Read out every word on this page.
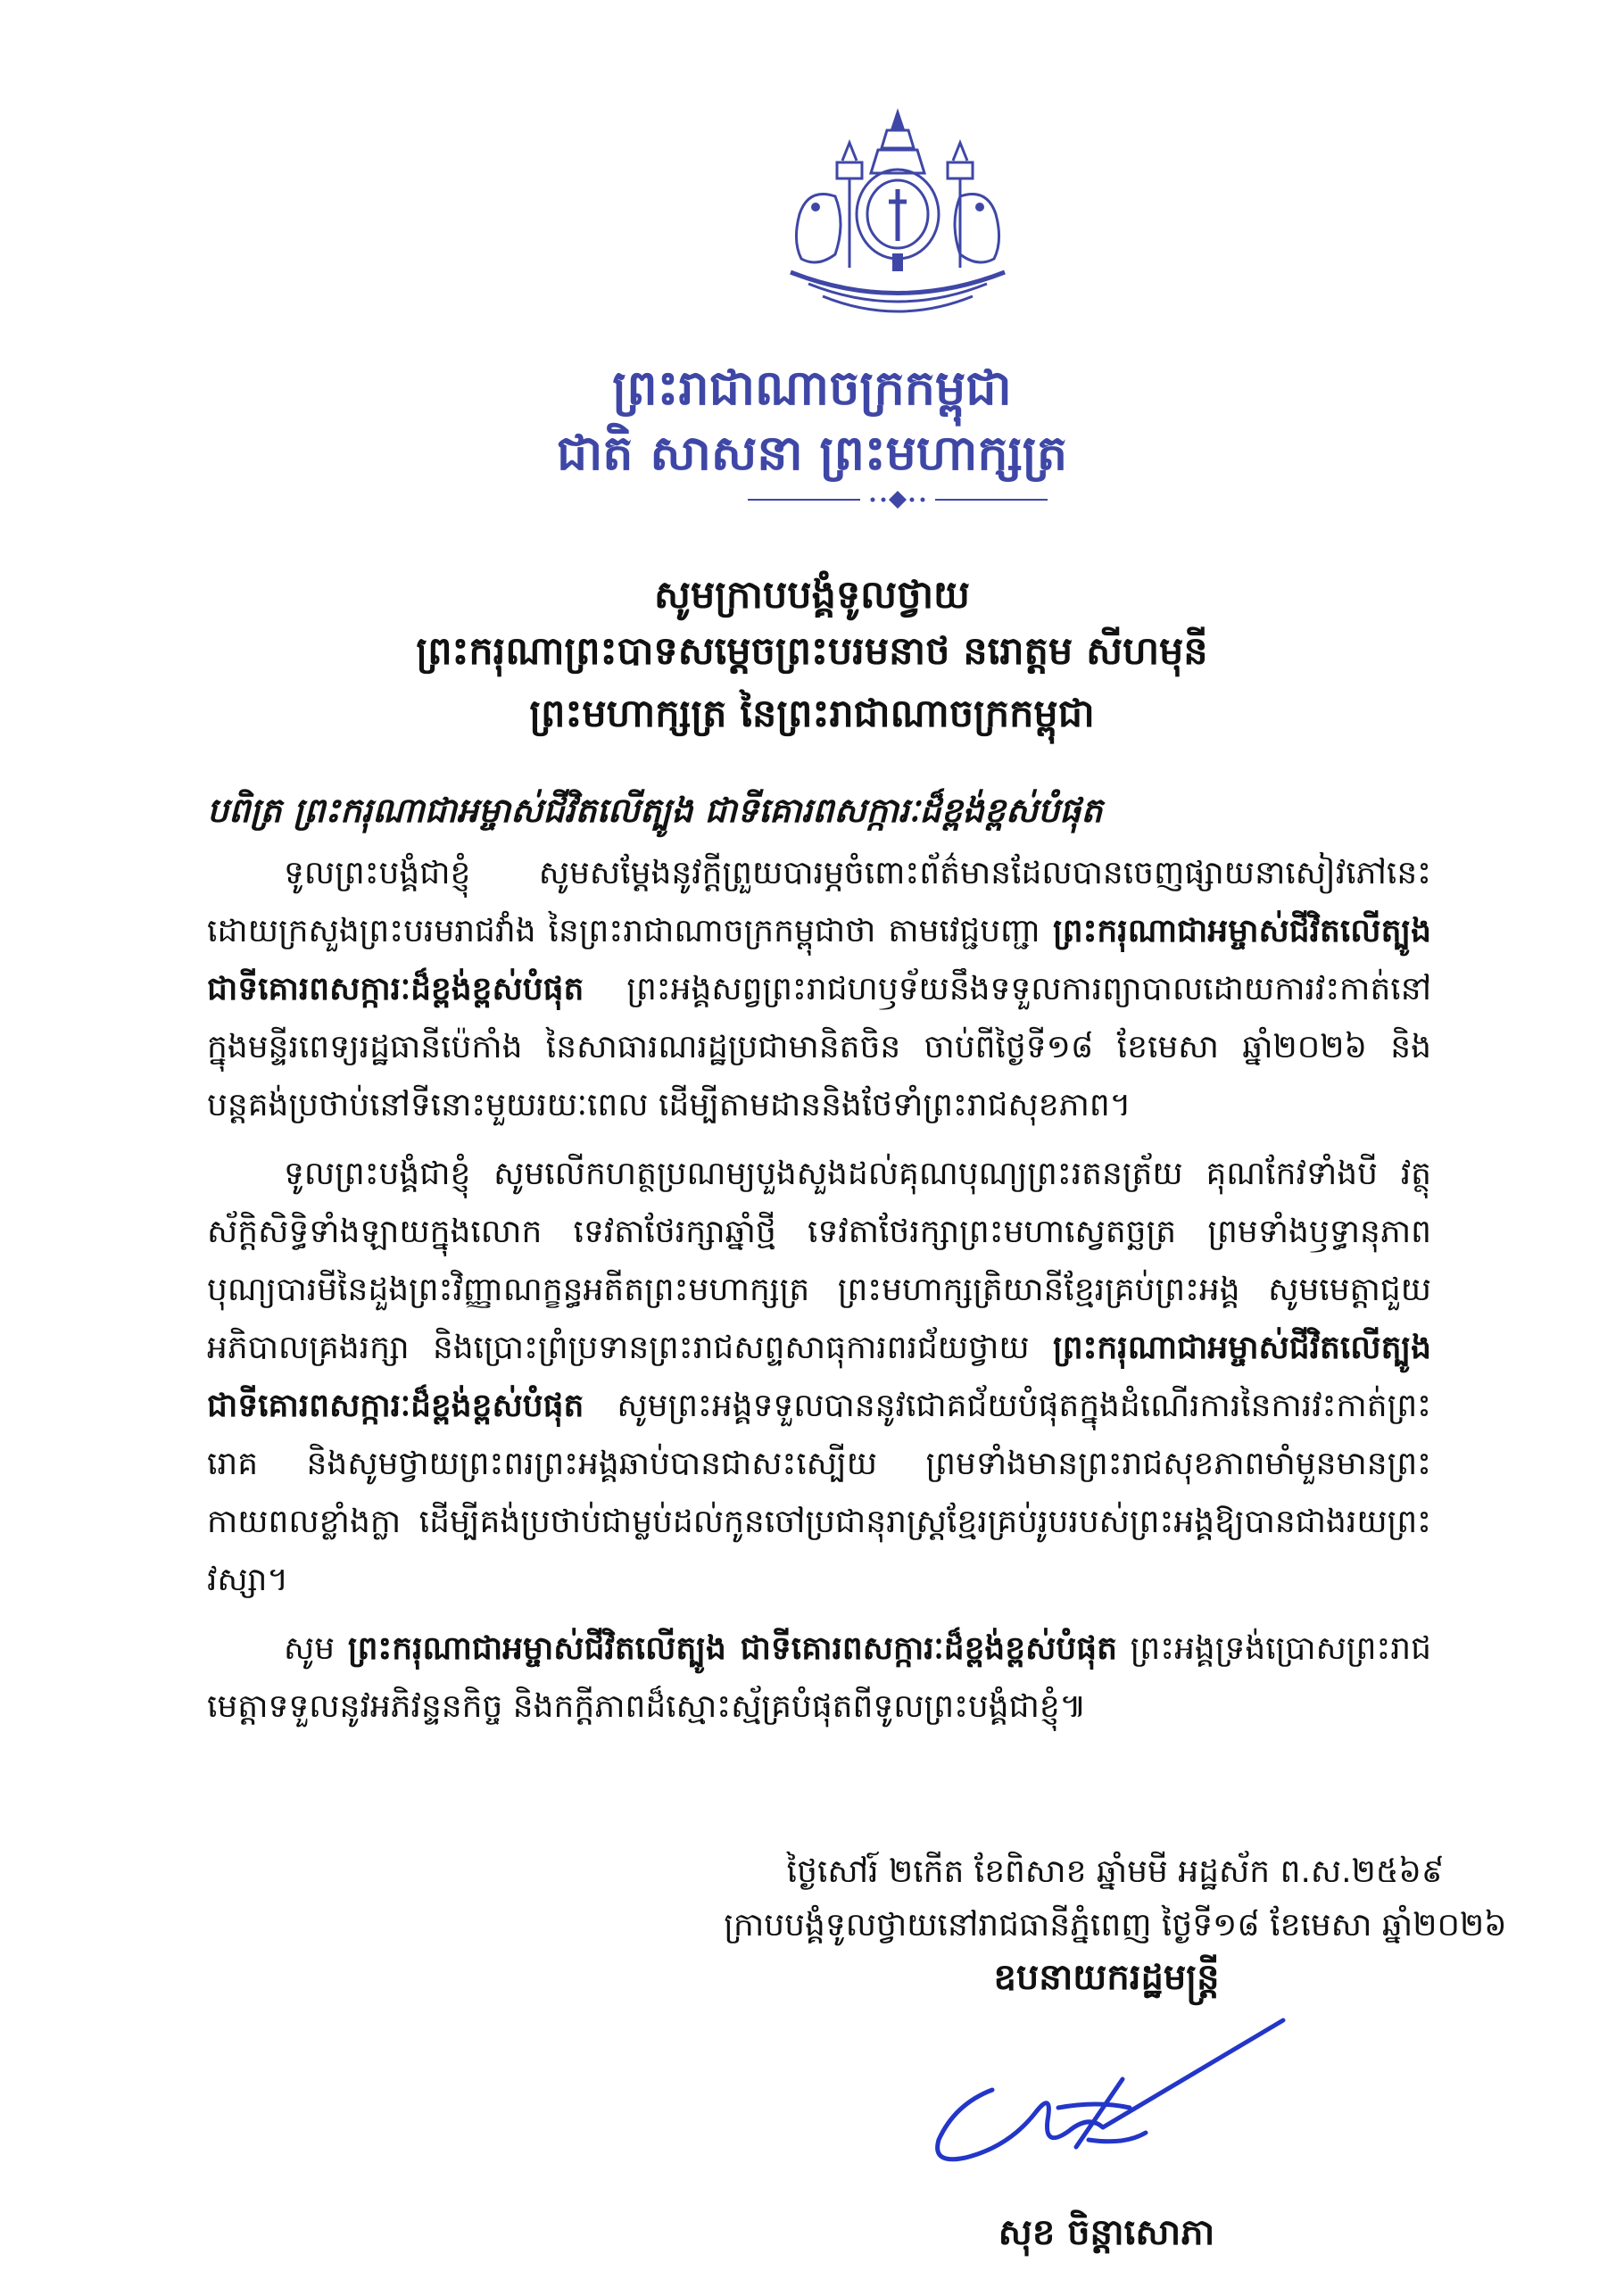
ព្រះរាជាណាចក្រកម្ពុជា
ជាតិ សាសនា ព្រះមហាក្សត្រ
សូមក្រាបបង្គំទូលថ្វាយ
ព្រះករុណាព្រះបាទសម្ដេចព្រះបរមនាថ នរោត្តម សីហមុនី
ព្រះមហាក្សត្រ នៃព្រះរាជាណាចក្រកម្ពុជា
បពិត្រ ព្រះករុណាជាអម្ចាស់ជីវិតលើត្បូង ជាទីគោរពសក្ការៈដ៏ខ្ពង់ខ្ពស់បំផុត

ទូលព្រះបង្គំជាខ្ញុំ សូមសម្ដែងនូវក្ដីព្រួយបារម្ភចំពោះព័ត៌មានដែលបានចេញផ្សាយនាសៀវភៅនេះ ដោយក្រសួងព្រះបរមរាជវាំង នៃព្រះរាជាណាចក្រកម្ពុជាថា តាមវេជ្ជបញ្ជា ព្រះករុណាជាអម្ចាស់ជីវិតលើត្បូង ជាទីគោរពសក្ការៈដ៏ខ្ពង់ខ្ពស់បំផុត ព្រះអង្គសព្វព្រះរាជហឫទ័យនឹងទទួលការព្យាបាលដោយការវះកាត់នៅក្នុងមន្ទីរពេទ្យរដ្ឋធានីប៉េកាំង នៃសាធារណរដ្ឋប្រជាមានិតចិន ចាប់ពីថ្ងៃទី១៨ ខែមេសា ឆ្នាំ២០២៦ និងបន្តគង់ប្រថាប់នៅទីនោះមួយរយៈពេល ដើម្បីតាមដាននិងថែទាំព្រះរាជសុខភាព។

ទូលព្រះបង្គំជាខ្ញុំ សូមលើកហត្ថប្រណម្យបួងសួងដល់គុណបុណ្យព្រះរតនត្រ័យ គុណកែវទាំងបី វត្ថុស័ក្តិសិទ្ធិទាំងឡាយក្នុងលោក ទេវតាថែរក្សាឆ្នាំថ្មី ទេវតាថែរក្សាព្រះមហាស្វេតច្ឆត្រ ព្រមទាំងឫទ្ធានុភាពបុណ្យបារមីនៃដួងព្រះវិញ្ញាណក្ខន្ធអតីតព្រះមហាក្សត្រ ព្រះមហាក្សត្រិយានីខ្មែរគ្រប់ព្រះអង្គ សូមមេត្តាជួយអភិបាលគ្រងរក្សា និងប្រោះព្រំប្រទានព្រះរាជសព្ទសាធុការពរជ័យថ្វាយ ព្រះករុណាជាអម្ចាស់ជីវិតលើត្បូង ជាទីគោរពសក្ការៈដ៏ខ្ពង់ខ្ពស់បំផុត សូមព្រះអង្គទទួលបាននូវជោគជ័យបំផុតក្នុងដំណើរការនៃការវះកាត់ព្រះរោគ និងសូមថ្វាយព្រះពរព្រះអង្គឆាប់បានជាសះស្បើយ ព្រមទាំងមានព្រះរាជសុខភាពមាំមួនមានព្រះកាយពលខ្លាំងក្លា ដើម្បីគង់ប្រថាប់ជាម្លប់ដល់កូនចៅប្រជានុរាស្ត្រខ្មែរគ្រប់រូបរបស់ព្រះអង្គឱ្យបានជាងរយព្រះវស្សា។

សូម ព្រះករុណាជាអម្ចាស់ជីវិតលើត្បូង ជាទីគោរពសក្ការៈដ៏ខ្ពង់ខ្ពស់បំផុត ព្រះអង្គទ្រង់ប្រោសព្រះរាជមេត្តាទទួលនូវអភិវន្ទនកិច្ច និងកក្ដីភាពដ៏ស្មោះស្ម័គ្របំផុតពីទូលព្រះបង្គំជាខ្ញុំ៕

ថ្ងៃសៅរ៍ ២កើត ខែពិសាខ ឆ្នាំមមី អដ្ឋស័ក ព.ស.២៥៦៩
ក្រាបបង្គំទូលថ្វាយនៅរាជធានីភ្នំពេញ ថ្ងៃទី១៨ ខែមេសា ឆ្នាំ២០២៦
ឧបនាយករដ្ឋមន្ត្រី
សុខ ចិន្តាសោភា
